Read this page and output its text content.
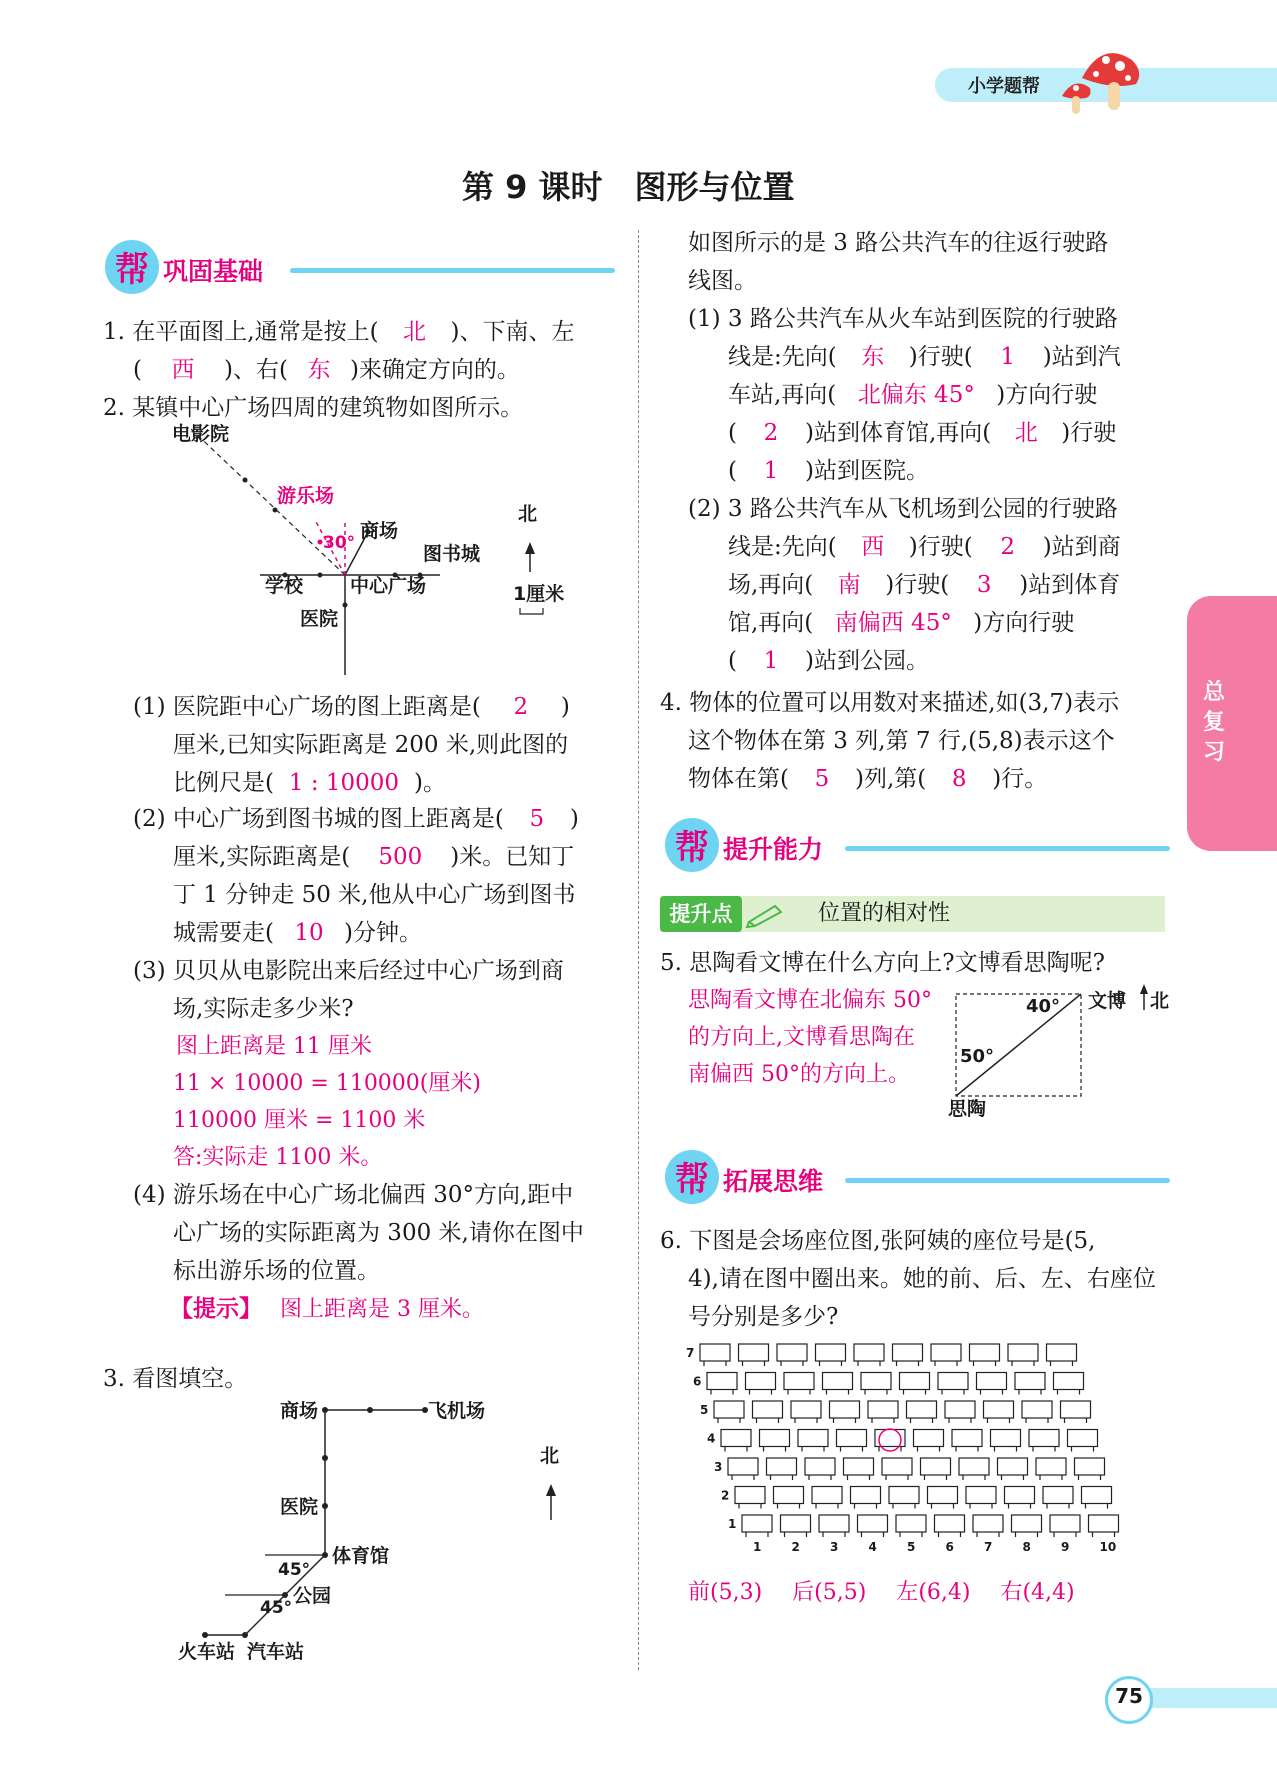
小学题帮
第 9 课时　图形与位置
总复习
帮 巩固基础
1. 在平面图上,通常是按上( 北 )、下南、左
( 西 )、右( 东 )来确定方向的。
2. 某镇中心广场四周的建筑物如图所示。
电影院
游乐场
商场
图书城
学校 中心广场
医院
30°
北
1厘米
(1) 医院距中心广场的图上距离是( 2 )
厘米,已知实际距离是 200 米,则此图的
比例尺是( 1 : 10000 )。
(2) 中心广场到图书城的图上距离是( 5 )
厘米,实际距离是( 500 )米。已知丁
丁 1 分钟走 50 米,他从中心广场到图书
城需要走( 10 )分钟。
(3) 贝贝从电影院出来后经过中心广场到商
场,实际走多少米?
图上距离是 11 厘米
11 × 10000 = 110000(厘米)
110000 厘米 = 1100 米
答:实际走 1100 米。
(4) 游乐场在中心广场北偏西 30°方向,距中
心广场的实际距离为 300 米,请你在图中
标出游乐场的位置。
【提示】 图上距离是 3 厘米。
3. 看图填空。
商场	飞机场
医院
体育馆
公园
火车站 汽车站
45°
45°
北
如图所示的是 3 路公共汽车的往返行驶路
线图。
(1) 3 路公共汽车从火车站到医院的行驶路
线是:先向( 东 )行驶( 1 )站到汽
车站,再向( 北偏东 45° )方向行驶
( 2 )站到体育馆,再向( 北 )行驶
( 1 )站到医院。
(2) 3 路公共汽车从飞机场到公园的行驶路
线是:先向( 西 )行驶( 2 )站到商
场,再向( 南 )行驶( 3 )站到体育
馆,再向( 南偏西 45° )方向行驶
( 1 )站到公园。
4. 物体的位置可以用数对来描述,如(3,7)表示
这个物体在第 3 列,第 7 行,(5,8)表示这个
物体在第( 5 )列,第( 8 )行。
帮 提升能力
提升点	位置的相对性
5. 思陶看文博在什么方向上?文博看思陶呢?
思陶看文博在北偏东 50°
的方向上,文博看思陶在
南偏西 50°的方向上。
40°
50°
文博 北
思陶
帮 拓展思维
6. 下图是会场座位图,张阿姨的座位号是(5,
4),请在图中圈出来。她的前、后、左、右座位
号分别是多少?
7
6
5
4
3
2
1
1	2	3	4	5	6	7	8	9	10
前(5,3) 后(5,5) 左(6,4) 右(4,4)
75
